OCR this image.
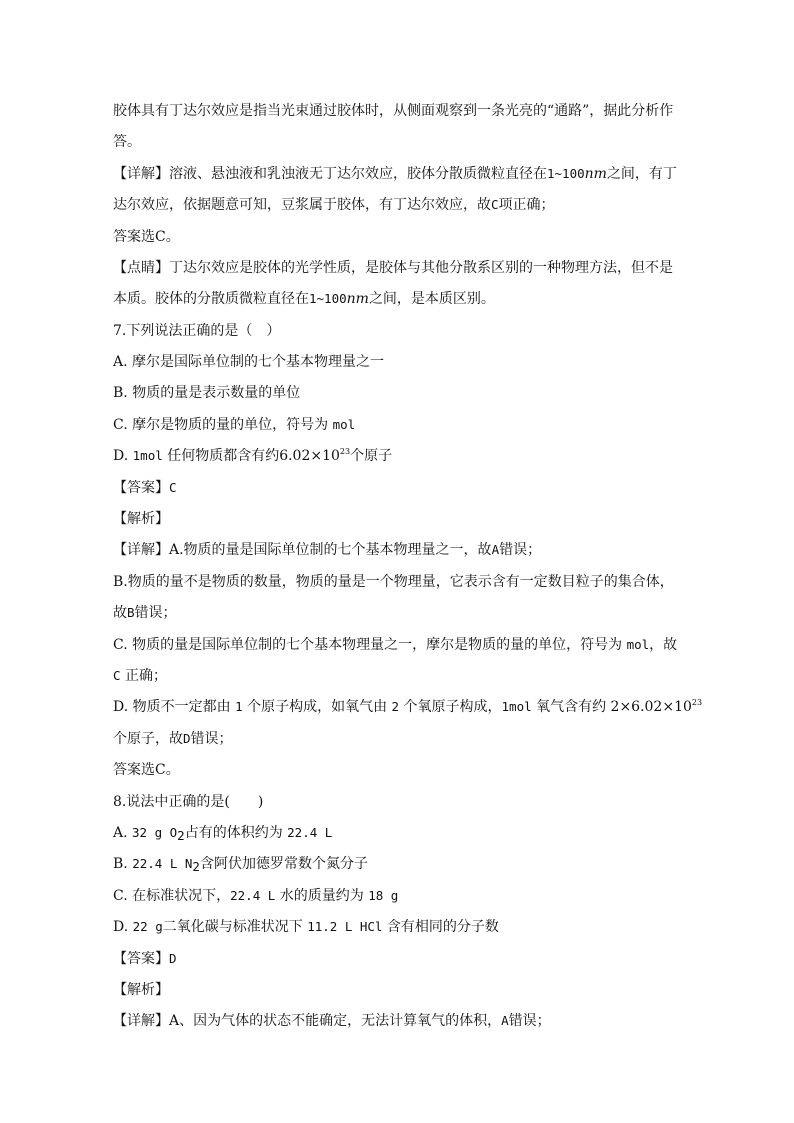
胶体具有丁达尔效应是指当光束通过胶体时，从侧面观察到一条光亮的“通路”，据此分析作
答。
【详解】溶液、悬浊液和乳浊液无丁达尔效应，胶体分散质微粒直径在1~100nm之间，有丁
达尔效应，依据题意可知，豆浆属于胶体，有丁达尔效应，故C项正确；
答案选C。
【点睛】丁达尔效应是胶体的光学性质，是胶体与其他分散系区别的一种物理方法，但不是
本质。胶体的分散质微粒直径在1~100nm之间，是本质区别。
7.下列说法正确的是（　）
A. 摩尔是国际单位制的七个基本物理量之一
B. 物质的量是表示数量的单位
C. 摩尔是物质的量的单位，符号为 mol
D. 1mol 任何物质都含有约$6.02\times 10^{23}$个原子
【答案】C
【解析】
【详解】A.物质的量是国际单位制的七个基本物理量之一，故A错误；
B.物质的量不是物质的数量，物质的量是一个物理量，它表示含有一定数目粒子的集合体，
故B错误；
C. 物质的量是国际单位制的七个基本物理量之一，摩尔是物质的量的单位，符号为 mol，故
C 正确；
D. 物质不一定都由 1 个原子构成，如氧气由 2 个氧原子构成，1mol 氧气含有约 $2\times 6.02\times 10^{23}$
个原子，故D错误；
答案选C。
8.说法中正确的是(　　)
A. 32 g $O_2$占有的体积约为 22.4 L
B. 22.4 L $N_2$含阿伏加德罗常数个氮分子
C. 在标准状况下，22.4 L 水的质量约为 18 g
D. 22 g二氧化碳与标准状况下 11.2 L HCl 含有相同的分子数
【答案】D
【解析】
【详解】A、因为气体的状态不能确定，无法计算氧气的体积，A错误；
